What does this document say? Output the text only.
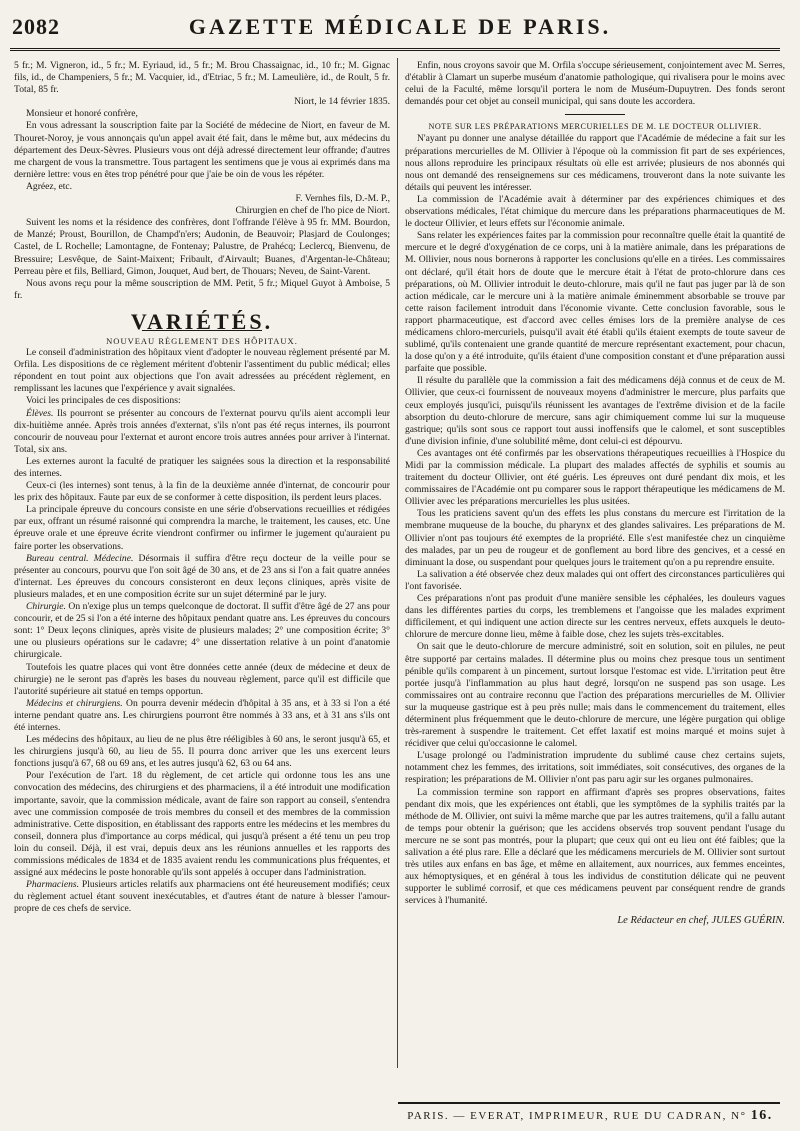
2082	GAZETTE MÉDICALE DE PARIS.

5 fr.; M. Vigneron, id., 5 fr.; M. Eyriaud, id., 5 fr.; M. Brou Chassaignac, id., 10 fr.; M. Gignac fils, id., de Champeniers, 5 fr.; M. Vacquier, id., d'Etriac, 5 fr.; M. Lameulière, id., de Roult, 5 fr. Total, 85 fr.

Niort, le 14 février 1835.

Monsieur et honoré confrère,

En vous adressant la souscription faite par la Société de médecine de Niort, en faveur de M. Thouret-Noroy, je vous annonçais qu'un appel avait été fait, dans le même but, aux médecins du département des Deux-Sèvres. Plusieurs vous ont déjà adressé directement leur offrande; d'autres me chargent de vous la transmettre. Tous partagent les sentimens que je vous ai exprimés dans ma dernière lettre: vous en êtes trop pénétré pour que j'aie be oin de vous les répéter.

Agréez, etc.

F. Vernhes fils, D.-M. P.,

Chirurgien en chef de l'ho pice de Niort.

Suivent les noms et la résidence des confrères, dont l'offrande l'élève à 95 fr. MM. Bourdon, de Manzé; Proust, Bourillon, de Champd'n'ers; Audonin, de Beauvoir; Plasjard de Coulonges; Castel, de L Rochelle; Lamontagne, de Fontenay; Palustre, de Prahécq; Leclercq, Bienvenu, de Bressuire; Lesvêque, de Saint-Maixent; Fribault, d'Airvault; Buanes, d'Argentan-le-Château; Perreau père et fils, Belliard, Gimon, Jouquet, Aud bert, de Thouars; Neveu, de Saint-Varent.

Nous avons reçu pour la même souscription de MM. Petit, 5 fr.; Miquel Guyot à Amboise, 5 fr.

VARIÉTÉS.

NOUVEAU RÈGLEMENT DES HÔPITAUX.

Le conseil d'administration des hôpitaux vient d'adopter le nouveau règlement présenté par M. Orfila. Les dispositions de ce règlement méritent d'obtenir l'assentiment du public médical; elles répondent en tout point aux objections que l'on avait adressées au précédent règlement, en remplissant les lacunes que l'expérience y avait signalées.

Voici les principales de ces dispositions:

Élèves. Ils pourront se présenter au concours de l'externat pourvu qu'ils aient accompli leur dix-huitième année. Après trois années d'externat, s'ils n'ont pas été reçus internes, ils pourront concourir de nouveau pour l'externat et auront encore trois autres années pour arriver à l'internat. Total, six ans.

Les externes auront la faculté de pratiquer les saignées sous la direction et la responsabilité des internes.

Ceux-ci (les internes) sont tenus, à la fin de la deuxième année d'internat, de concourir pour les prix des hôpitaux. Faute par eux de se conformer à cette disposition, ils perdent leurs places.

La principale épreuve du concours consiste en une série d'observations recueillies et rédigées par eux, offrant un résumé raisonné qui comprendra la marche, le traitement, les causes, etc. Une épreuve orale et une épreuve écrite viendront confirmer ou infirmer le jugement qu'auraient pu faire porter les observations.

Bureau central. Médecine. Désormais il suffira d'être reçu docteur de la veille pour se présenter au concours, pourvu que l'on soit âgé de 30 ans, et de 23 ans si l'on a fait quatre années d'internat. Les épreuves du concours consisteront en deux leçons cliniques, après visite de plusieurs malades, et en une composition écrite sur un sujet déterminé par le jury.

Chirurgie. On n'exige plus un temps quelconque de doctorat. Il suffit d'être âgé de 27 ans pour concourir, et de 25 si l'on a été interne des hôpitaux pendant quatre ans. Les épreuves du concours sont: 1° Deux leçons cliniques, après visite de plusieurs malades; 2° une composition écrite; 3° une ou plusieurs opérations sur le cadavre; 4° une dissertation relative à un point d'anatomie chirurgicale.

Toutefois les quatre places qui vont être données cette année (deux de médecine et deux de chirurgie) ne le seront pas d'après les bases du nouveau règlement, parce qu'il est difficile que l'autorité supérieure ait statué en temps opportun.

Médecins et chirurgiens. On pourra devenir médecin d'hôpital à 35 ans, et à 33 si l'on a été interne pendant quatre ans. Les chirurgiens pourront être nommés à 33 ans, et à 31 ans s'ils ont été internes.

Les médecins des hôpitaux, au lieu de ne plus être rééligibles à 60 ans, le seront jusqu'à 65, et les chirurgiens jusqu'à 60, au lieu de 55. Il pourra donc arriver que les uns exercent leurs fonctions jusqu'à 67, 68 ou 69 ans, et les autres jusqu'à 62, 63 ou 64 ans.

Pour l'exécution de l'art. 18 du règlement, de cet article qui ordonne tous les ans une convocation des médecins, des chirurgiens et des pharmaciens, il a été introduit une modification importante, savoir, que la commission médicale, avant de faire son rapport au conseil, s'entendra avec une commission composée de trois membres du conseil et des membres de la commission administrative. Cette disposition, en établissant des rapports entre les médecins et les membres du conseil, donnera plus d'importance au corps médical, qui jusqu'à présent a été tenu un peu trop loin du conseil. Déjà, il est vrai, depuis deux ans les réunions annuelles et les rapports des commissions médicales de 1834 et de 1835 avaient rendu les communications plus fréquentes, et assigné aux médecins le poste honorable qu'ils sont appelés à occuper dans l'administration.

Pharmaciens. Plusieurs articles relatifs aux pharmaciens ont été heureusement modifiés; ceux du règlement actuel étant souvent inexécutables, et d'autres étant de nature à blesser l'amour-propre de ces chefs de service.

Enfin, nous croyons savoir que M. Orfila s'occupe sérieusement, conjointement avec M. Serres, d'établir à Clamart un superbe muséum d'anatomie pathologique, qui rivalisera pour le moins avec celui de la Faculté, même lorsqu'il portera le nom de Muséum-Dupuytren. Des fonds seront demandés pour cet objet au conseil municipal, qui sans doute les accordera.

NOTE SUR LES PRÉPARATIONS MERCURIELLES DE M. LE DOCTEUR OLLIVIER.

N'ayant pu donner une analyse détaillée du rapport que l'Académie de médecine a fait sur les préparations mercurielles de M. Ollivier à l'époque où la commission fit part de ses expériences, nous allons reproduire les principaux résultats où elle est arrivée; plusieurs de nos abonnés qui nous ont demandé des renseignemens sur ces médicamens, trouveront dans la note suivante les détails qui peuvent les intéresser.

La commission de l'Académie avait à déterminer par des expériences chimiques et des observations médicales, l'état chimique du mercure dans les préparations pharmaceutiques de M. le docteur Ollivier, et leurs effets sur l'économie animale.

Sans relater les expériences faites par la commission pour reconnaître quelle était la quantité de mercure et le degré d'oxygénation de ce corps, uni à la matière animale, dans les préparations de M. Ollivier, nous nous bornerons à rapporter les conclusions qu'elle en a tirées. Les commissaires ont déclaré, qu'il était hors de doute que le mercure était à l'état de proto-chlorure dans ces préparations, où M. Ollivier introduit le deuto-chlorure, mais qu'il ne faut pas juger par là de son action médicale, car le mercure uni à la matière animale éminemment absorbable se trouve par cette raison facilement introduit dans l'économie vivante. Cette conclusion favorable, sous le rapport pharmaceutique, est d'accord avec celles émises lors de la première analyse de ces médicamens chloro-mercuriels, puisqu'il avait été établi qu'ils étaient exempts de toute saveur de sublimé, qu'ils contenaient une grande quantité de mercure représentant exactement, pour chacun, la dose qu'on y a été introduite, qu'ils étaient d'une composition constant et d'une préparation aussi parfaite que possible.

Il résulte du parallèle que la commission a fait des médicamens déjà connus et de ceux de M. Ollivier, que ceux-ci fournissent de nouveaux moyens d'administrer le mercure, plus parfaits que ceux employés jusqu'ici, puisqu'ils réunissent les avantages de l'extrême division et de la facile absorption du deuto-chlorure de mercure, sans agir chimiquement comme lui sur la muqueuse gastrique; qu'ils sont sous ce rapport tout aussi inoffensifs que le calomel, et sont susceptibles d'une division infinie, d'une solubilité même, dont celui-ci est dépourvu.

Ces avantages ont été confirmés par les observations thérapeutiques recueillies à l'Hospice du Midi par la commission médicale. La plupart des malades affectés de syphilis et soumis au traitement du docteur Ollivier, ont été guéris. Les épreuves ont duré pendant dix mois, et les commissaires de l'Académie ont pu comparer sous le rapport thérapeutique les médicamens de M. Ollivier avec les préparations mercurielles les plus usitées.

Tous les praticiens savent qu'un des effets les plus constans du mercure est l'irritation de la membrane muqueuse de la bouche, du pharynx et des glandes salivaires. Les préparations de M. Ollivier n'ont pas toujours été exemptes de la propriété. Elle s'est manifestée chez un cinquième des malades, par un peu de rougeur et de gonflement au bord libre des gencives, et a cessé en diminuant la dose, ou suspendant pour quelques jours le traitement qu'on a pu reprendre ensuite.

La salivation a été observée chez deux malades qui ont offert des circonstances particulières qui l'ont favorisée.

Ces préparations n'ont pas produit d'une manière sensible les céphalées, les douleurs vagues dans les différentes parties du corps, les tremblemens et l'angoisse que les malades expriment difficilement, et qui indiquent une action directe sur les centres nerveux, effets auxquels le deuto-chlorure de mercure donne lieu, même à faible dose, chez les sujets très-excitables.

On sait que le deuto-chlorure de mercure administré, soit en solution, soit en pilules, ne peut être supporté par certains malades. Il détermine plus ou moins chez presque tous un sentiment pénible qu'ils comparent à un pincement, surtout lorsque l'estomac est vide. L'irritation peut être portée jusqu'à l'inflammation au plus haut degré, lorsqu'on ne suspend pas son usage. Les commissaires ont au contraire reconnu que l'action des préparations mercurielles de M. Ollivier sur la muqueuse gastrique est à peu près nulle; mais dans le commencement du traitement, elles déterminent plus fréquemment que le deuto-chlorure de mercure, une légère purgation qui oblige très-rarement à suspendre le traitement. Cet effet laxatif est moins marqué et moins sujet à récidiver que celui qu'occasionne le calomel.

L'usage prolongé ou l'administration imprudente du sublimé cause chez certains sujets, notamment chez les femmes, des irritations, soit immédiates, soit consécutives, des organes de la respiration; les préparations de M. Ollivier n'ont pas paru agir sur les organes pulmonaires.

La commission termine son rapport en affirmant d'après ses propres observations, faites pendant dix mois, que les expériences ont établi, que les symptômes de la syphilis traités par la méthode de M. Ollivier, ont suivi la même marche que par les autres traitemens, qu'il a fallu autant de temps pour obtenir la guérison; que les accidens observés trop souvent pendant l'usage du mercure ne se sont pas montrés, pour la plupart; que ceux qui ont eu lieu ont été faibles; que la salivation a été plus rare. Elle a déclaré que les médicamens mercuriels de M. Ollivier sont surtout très utiles aux enfans en bas âge, et même en allaitement, aux nourrices, aux femmes enceintes, aux hémoptysiques, et en général à tous les individus de constitution délicate qui ne peuvent supporter le sublimé corrosif, et que ces médicamens peuvent par conséquent rendre de grands services à l'humanité.

Le Rédacteur en chef, JULES GUÉRIN.
PARIS. — EVERAT, IMPRIMEUR, RUE DU CADRAN, N° 16.
